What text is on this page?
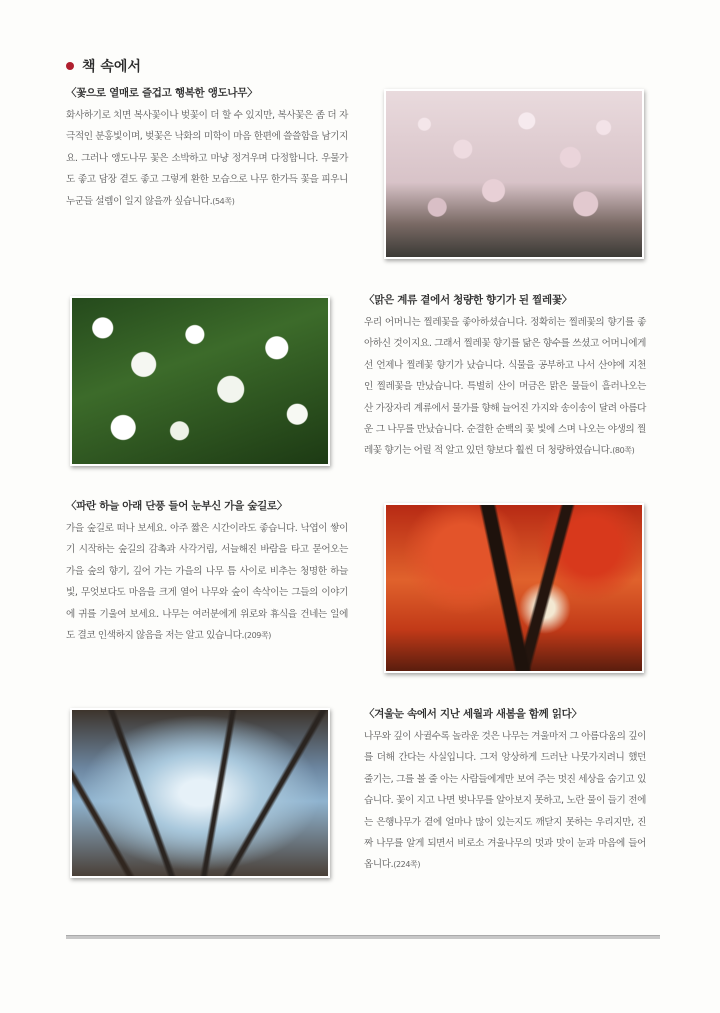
책 속에서
〈꽃으로 열매로 즐겁고 행복한 앵도나무〉

화사하기로 치면 복사꽃이나 벚꽃이 더 할 수 있지만, 복사꽃은 좀 더 자극적인 분홍빛이며, 벚꽃은 낙화의 미학이 마음 한편에 쓸쓸함을 남기지요. 그러나 앵도나무 꽃은 소박하고 마냥 정겨우며 다정합니다. 우물가도 좋고 담장 곁도 좋고 그렇게 환한 모습으로 나무 한가득 꽃을 피우니 누군들 설렘이 일지 않을까 싶습니다.(54쪽)

〈맑은 계류 곁에서 청량한 향기가 된 찔레꽃〉

우리 어머니는 찔레꽃을 좋아하셨습니다. 정확히는 찔레꽃의 향기를 좋아하신 것이지요. 그래서 찔레꽃 향기를 닮은 향수를 쓰셨고 어머니에게선 언제나 찔레꽃 향기가 났습니다. 식물을 공부하고 나서 산야에 지천인 찔레꽃을 만났습니다. 특별히 산이 머금은 맑은 물들이 흘러나오는 산 가장자리 계류에서 물가를 향해 늘어진 가지와 송이송이 달려 아름다운 그 나무를 만났습니다. 순결한 순백의 꽃 빛에 스며 나오는 야생의 찔레꽃 향기는 어릴 적 알고 있던 향보다 훨씬 더 청량하였습니다.(80쪽)

〈파란 하늘 아래 단풍 들어 눈부신 가을 숲길로〉

가을 숲길로 떠나 보세요. 아주 짧은 시간이라도 좋습니다. 낙엽이 쌓이기 시작하는 숲길의 감촉과 사각거림, 서늘해진 바람을 타고 묻어오는 가을 숲의 향기, 깊어 가는 가을의 나무 틈 사이로 비추는 청명한 하늘빛, 무엇보다도 마음을 크게 열어 나무와 숲이 속삭이는 그들의 이야기에 귀를 기울여 보세요. 나무는 여러분에게 위로와 휴식을 건네는 일에도 결코 인색하지 않음을 저는 알고 있습니다.(209쪽)

〈겨울눈 속에서 지난 세월과 새봄을 함께 읽다〉

나무와 깊이 사귈수록 놀라운 것은 나무는 겨울마저 그 아름다움의 깊이를 더해 간다는 사실입니다. 그저 앙상하게 드러난 나뭇가지려니 했던 줄기는, 그를 볼 줄 아는 사람들에게만 보여 주는 멋진 세상을 숨기고 있습니다. 꽃이 지고 나면 벚나무를 알아보지 못하고, 노란 물이 들기 전에는 은행나무가 곁에 얼마나 많이 있는지도 깨닫지 못하는 우리지만, 진짜 나무를 알게 되면서 비로소 겨울나무의 멋과 맛이 눈과 마음에 들어옵니다.(224쪽)
